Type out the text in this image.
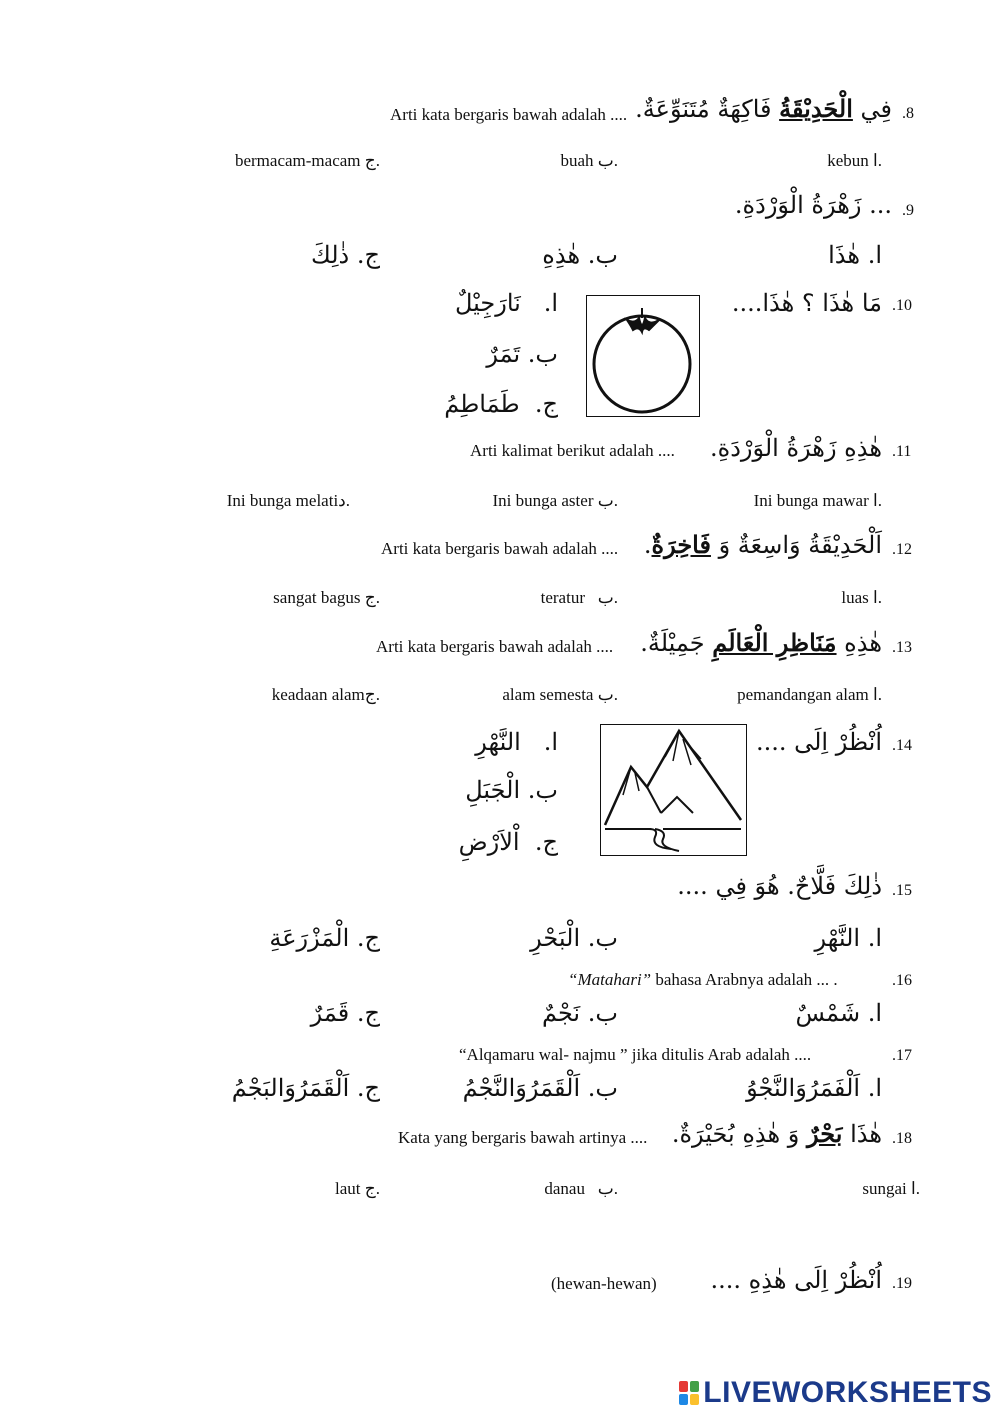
.8
فِي الْحَدِيْقَةُ فَاكِهَةٌ مُتَنَوِّعَةٌ.
Arti kata bergaris bawah adalah ....
kebun ا.
buah ب.
bermacam-macam ج.
.9
... زَهْرَةُ الْوَرْدَةِ.
ا. هٰذَا
ب. هٰذِهِ
ج. ذٰلِكَ
.10
مَا هٰذَا ؟ هٰذَا....
ا.   نَارَجِيْلٌ
ب. تَمَرٌ
ج.  طَمَاطِمُ
.11
هٰذِهِ زَهْرَةُ الْوَرْدَةِ.
Arti kalimat berikut adalah ....
Ini bunga mawar ا.
Ini bunga aster ب.
Ini bunga melatiد.
.12
اَلْحَدِيْقَةُ وَاسِعَةٌ وَ فَاخِرَةٌ.
Arti kata bergaris bawah adalah ....
luas ا.
teratur ب.
sangat bagus ج.
.13
هٰذِهِ مَنَاظِرِ الْعَالَمِ جَمِيْلَةٌ.
Arti kata bergaris bawah adalah ....
pemandangan alam ا.
alam semesta ب.
keadaan alamج.
.14
اُنْظُرْ اِلَى ....
ا.   النَّهْرِ
ب. الْجَبَلِ
ج.  اْلاَرْضِ
.15
ذٰلِكَ فَلَّاحٌ. هُوَ فِي ....
ا. النَّهْرِ
ب. الْبَحْرِ
ج. الْمَزْرَعَةِ
.16
“Matahari” bahasa Arabnya adalah ... .
ا. شَمْسٌ
ب. نَجْمٌ
ج. قَمَرٌ
.17
“Alqamaru wal- najmu ” jika ditulis Arab adalah ....
ا. اَلْفَمَرُوَالنَّجْوُ
ب. اَلْقَمَرُوَالنَّجْمُ
ج. اَلْقَمَرُوَالبَجْمُ
.18
هٰذَا بَحْرٌ وَ هٰذِهِ بُحَيْرَةٌ.
Kata yang bergaris bawah artinya ....
sungai ا.
danau ب.
laut ج.
.19
اُنْظُرْ اِلَى هٰذِهِ ....
(hewan-hewan)
LIVEWORKSHEETS
